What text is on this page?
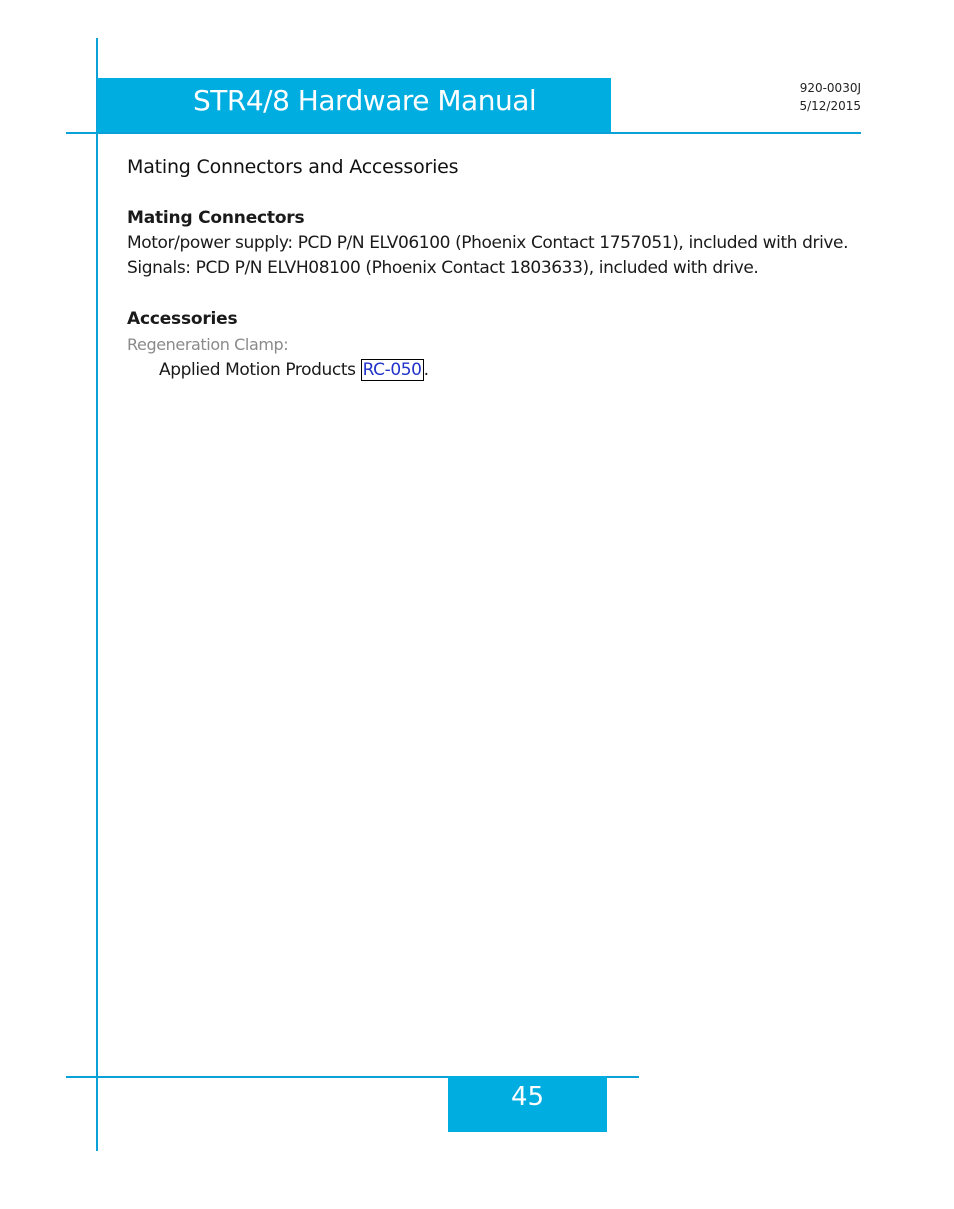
STR4/8 Hardware Manual	920-0030J
5/12/2015
Mating Connectors and Accessories
Mating Connectors

Motor/power supply: PCD P/N ELV06100 (Phoenix Contact 1757051), included with drive.

Signals: PCD P/N ELVH08100 (Phoenix Contact 1803633), included with drive.

Accessories

Regeneration Clamp:

Applied Motion Products RC-050 .

45
